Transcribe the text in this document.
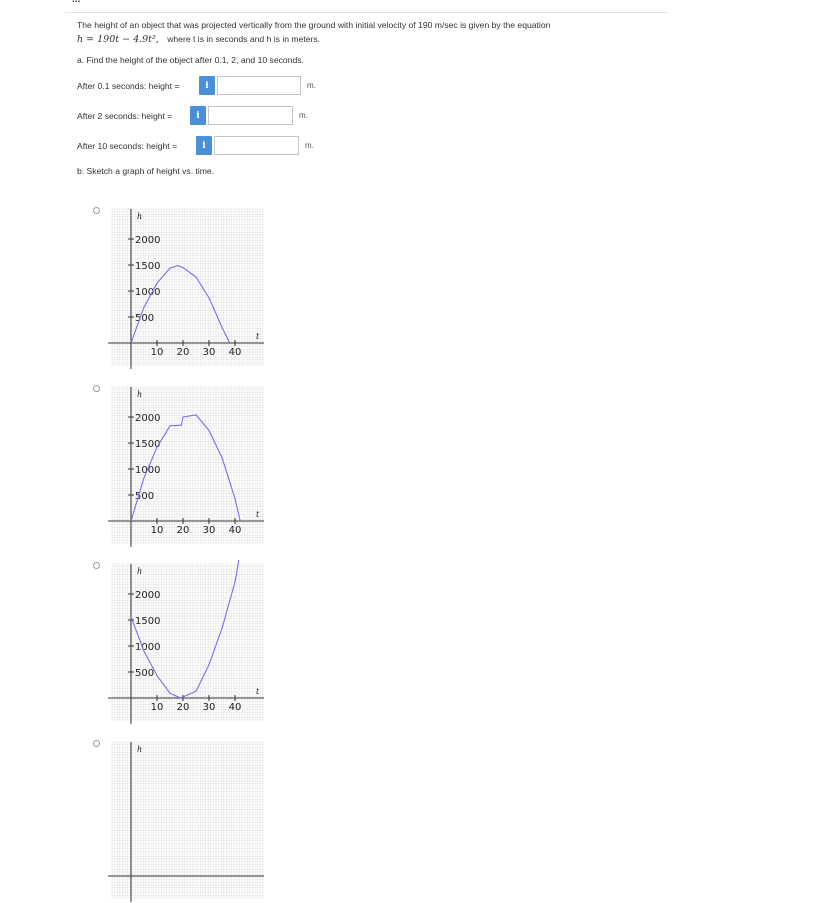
The height of an object that was projected vertically from the ground with initial velocity of 190 m/sec is given by the equation
h = 190t − 4.9t², where t is in seconds and h is in meters.
a. Find the height of the object after 0.1, 2, and 10 seconds.
After 0.1 seconds: height =	i	m.
After 2 seconds: height =	i	m.
After 10 seconds: height =	i	m.
b. Sketch a graph of height vs. time.
h
t
500
1000
1500
2000
10 20 30 40
h
t
500
1000
1500
2000
10 20 30 40
h
t
500
1000
1500
2000
10 20 30 40
h
